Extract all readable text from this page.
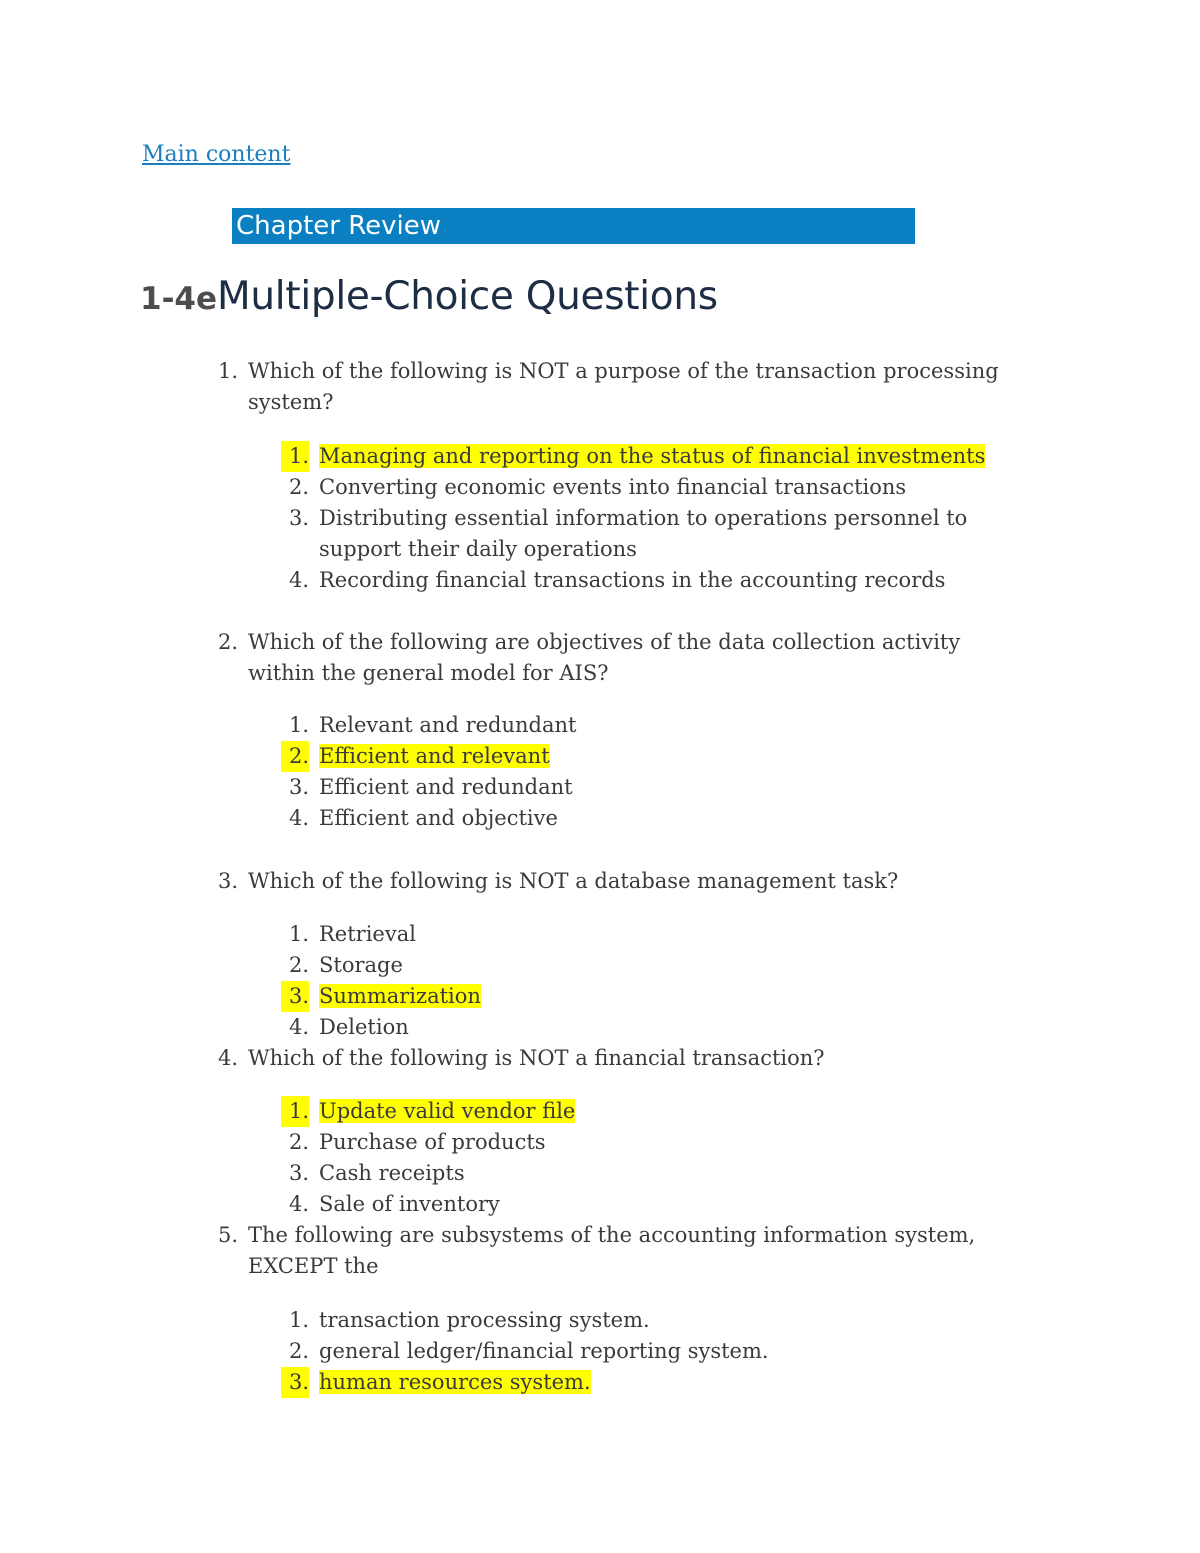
Main content
Chapter Review
1-4e Multiple-Choice Questions
1. Which of the following is NOT a purpose of the transaction processing
system?
1. Managing and reporting on the status of financial investments
2. Converting economic events into financial transactions
3. Distributing essential information to operations personnel to
support their daily operations
4. Recording financial transactions in the accounting records
2. Which of the following are objectives of the data collection activity
within the general model for AIS?
1. Relevant and redundant
2. Efficient and relevant
3. Efficient and redundant
4. Efficient and objective
3. Which of the following is NOT a database management task?
1. Retrieval
2. Storage
3. Summarization
4. Deletion
4. Which of the following is NOT a financial transaction?
1. Update valid vendor file
2. Purchase of products
3. Cash receipts
4. Sale of inventory
5. The following are subsystems of the accounting information system,
EXCEPT the
1. transaction processing system.
2. general ledger/financial reporting system.
3. human resources system.
